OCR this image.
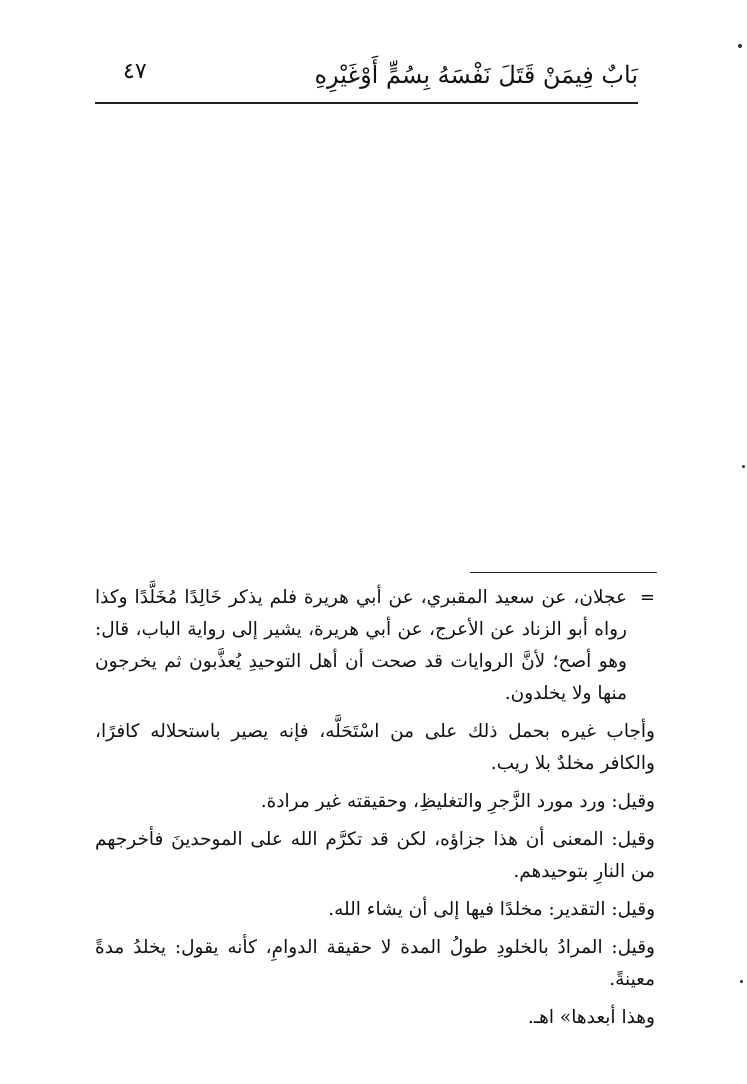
بَابٌ فِيمَنْ قَتَلَ نَفْسَهُ بِسُمٍّ أَوْغَيْرِهِ
٤٧

=
عجلان، عن سعيد المقبري، عن أبي هريرة فلم يذكر خَالِدًا مُخَلَّدًا وكذا رواه أبو الزناد عن الأعرج، عن أبي هريرة، يشير إلى رواية الباب، قال: وهو أصح؛ لأنَّ الروايات قد صحت أن أهل التوحيدِ يُعذَّبون ثم يخرجون منها ولا يخلدون.

وأجاب غيره بحمل ذلك على من اسْتَحَلَّه، فإنه يصير باستحلاله كافرًا، والكافر مخلدٌ بلا ريب.

وقيل: ورد مورد الزَّجرِ والتغليظِ، وحقيقته غير مرادة.

وقيل: المعنى أن هذا جزاؤه، لكن قد تكرَّم الله على الموحدينَ فأخرجهم من النارِ بتوحيدهم.

وقيل: التقدير: مخلدًا فيها إلى أن يشاء الله.

وقيل: المرادُ بالخلودِ طولُ المدة لا حقيقة الدوامِ، كأنه يقول: يخلدُ مدةً معينةً.

وهذا أبعدها» اهـ.
